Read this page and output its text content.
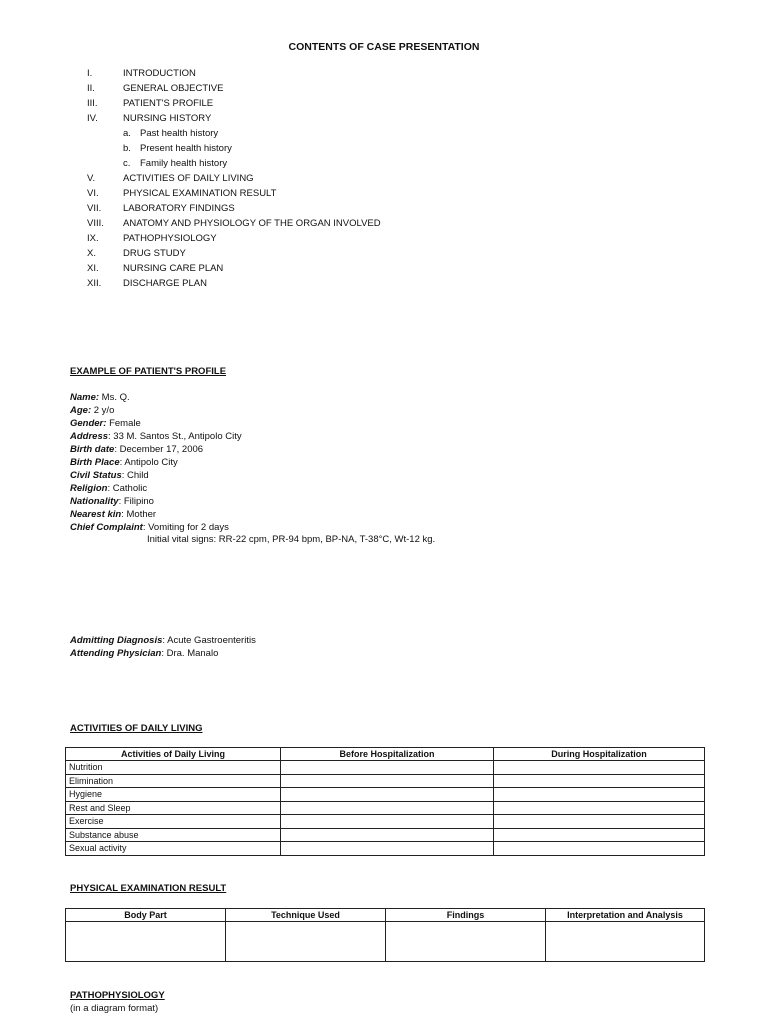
CONTENTS OF CASE PRESENTATION
I.	INTRODUCTION
II.	GENERAL OBJECTIVE
III.	PATIENT'S PROFILE
IV.	NURSING HISTORY
a. Past health history
b. Present health history
c. Family health history
V.	ACTIVITIES OF DAILY LIVING
VI.	PHYSICAL EXAMINATION RESULT
VII. LABORATORY FINDINGS
VIII. ANATOMY AND PHYSIOLOGY OF THE ORGAN INVOLVED
IX.	PATHOPHYSIOLOGY
X.	DRUG STUDY
XI.	NURSING CARE PLAN
XII. DISCHARGE PLAN
EXAMPLE OF PATIENT'S PROFILE
Name: Ms. Q.
Age: 2 y/o
Gender: Female
Address: 33 M. Santos St., Antipolo City
Birth date: December 17, 2006
Birth Place: Antipolo City
Civil Status: Child
Religion: Catholic
Nationality: Filipino
Nearest kin: Mother
Chief Complaint: Vomiting for 2 days
Initial vital signs: RR-22 cpm, PR-94 bpm, BP-NA, T-38°C, Wt-12 kg.
Admitting Diagnosis: Acute Gastroenteritis
Attending Physician: Dra. Manalo
ACTIVITIES OF DAILY LIVING
Activities of Daily Living	Before Hospitalization	During Hospitalization
Nutrition		
Elimination		
Hygiene		
Rest and Sleep		
Exercise		
Substance abuse		
Sexual activity		
PHYSICAL EXAMINATION RESULT
Body Part	Technique Used	Findings	Interpretation and Analysis

PATHOPHYSIOLOGY
(in a diagram format)
